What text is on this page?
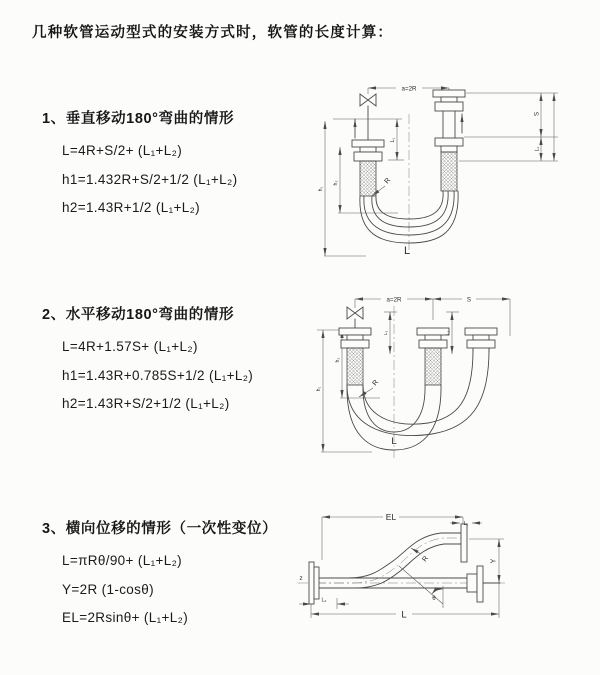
几种软管运动型式的安装方式时，软管的长度计算：
1、垂直移动180°弯曲的情形
L=4R+S/2+ (L₁+L₂)
h1=1.432R+S/2+1/2 (L₁+L₂)
h2=1.43R+1/2 (L₁+L₂)
2、水平移动180°弯曲的情形
L=4R+1.57S+ (L₁+L₂)
h1=1.43R+0.785S+1/2 (L₁+L₂)
h2=1.43R+S/2+1/2 (L₁+L₂)
3、横向位移的情形（一次性变位）
L=πRθ/90+ (L₁+L₂)
Y=2R (1-cosθ)
EL=2Rsinθ+ (L₁+L₂)
a=2R
S
L₁
L₁
h₂
h₁
R
L
a=2R	S
L₁	L₁
h₁
h₂
R
L
EL
L₁
Y
R
θ
z
L
L₂
